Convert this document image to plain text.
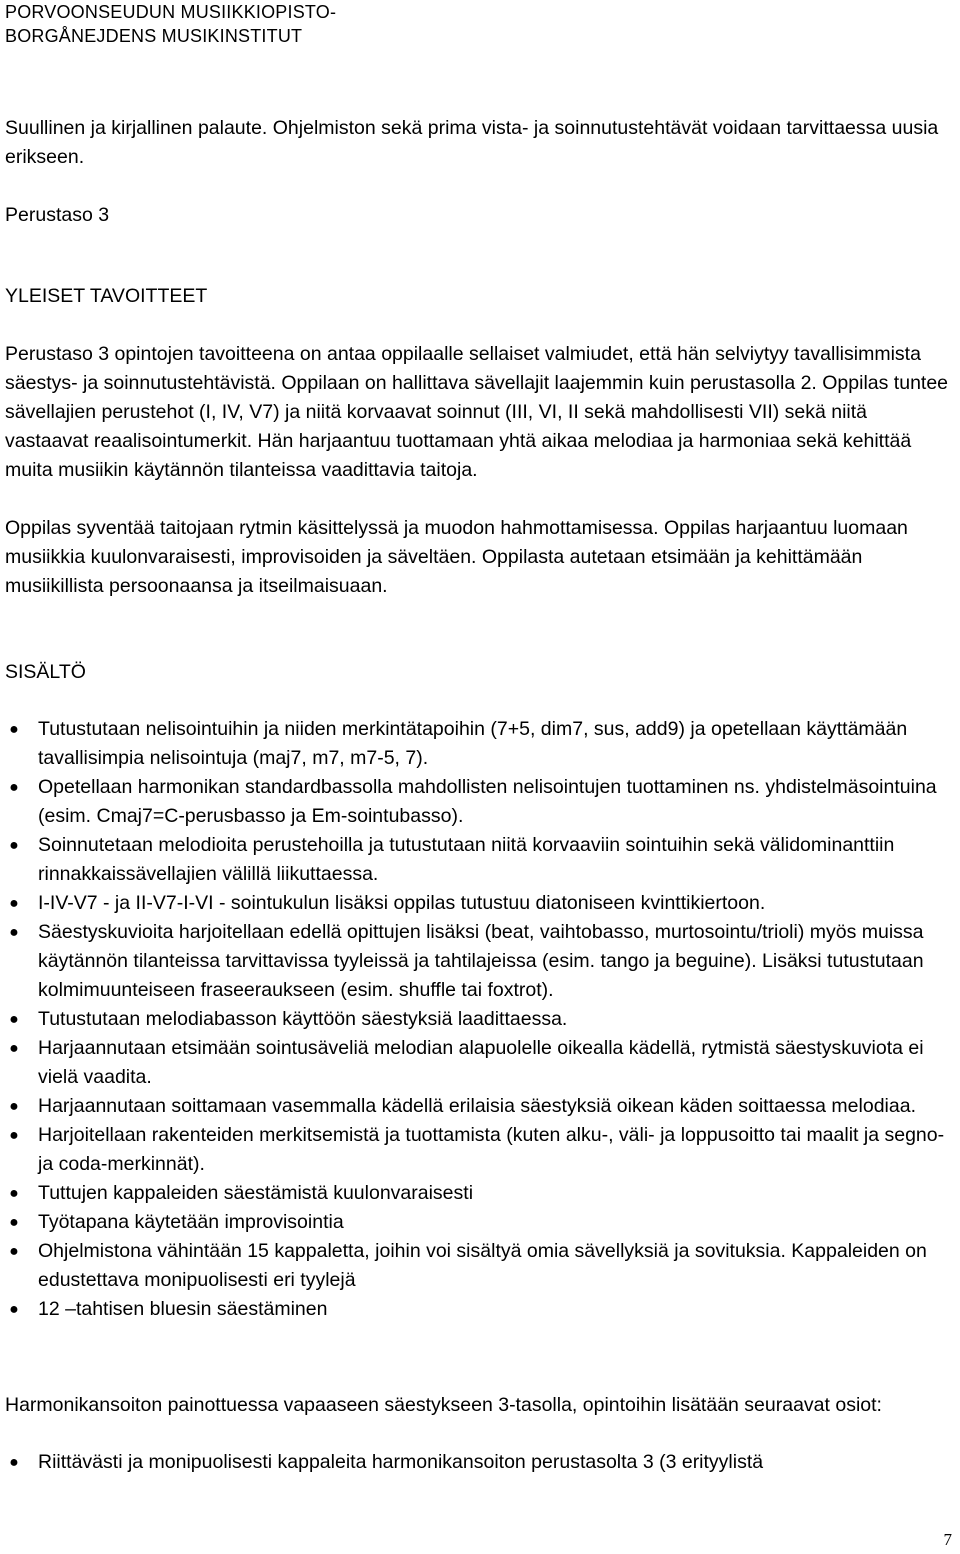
PORVOONSEUDUN MUSIIKKIOPISTO-
BORGÅNEJDENS MUSIKINSTITUT

Suullinen ja kirjallinen palaute. Ohjelmiston sekä prima vista- ja soinnutustehtävät voidaan tarvittaessa uusia erikseen.

Perustaso 3

YLEISET TAVOITTEET

Perustaso 3 opintojen tavoitteena on antaa oppilaalle sellaiset valmiudet, että hän selviytyy tavallisimmista säestys- ja soinnutustehtävistä. Oppilaan on hallittava sävellajit laajemmin kuin perustasolla 2. Oppilas tuntee sävellajien perustehot (I, IV, V7) ja niitä korvaavat soinnut (III, VI, II sekä mahdollisesti VII) sekä niitä vastaavat reaalisointumerkit. Hän harjaantuu tuottamaan yhtä aikaa melodiaa ja harmoniaa sekä kehittää muita musiikin käytännön tilanteissa vaadittavia taitoja.

Oppilas syventää taitojaan rytmin käsittelyssä ja muodon hahmottamisessa. Oppilas harjaantuu luomaan musiikkia kuulonvaraisesti, improvisoiden ja säveltäen. Oppilasta autetaan etsimään ja kehittämään musiikillista persoonaansa ja itseilmaisuaan.

SISÄLTÖ
● Tutustutaan nelisointuihin ja niiden merkintätapoihin (7+5, dim7, sus, add9) ja opetellaan käyttämään tavallisimpia nelisointuja (maj7, m7, m7-5, 7).
● Opetellaan harmonikan standardbassolla mahdollisten nelisointujen tuottaminen ns. yhdistelmäsointuina (esim. Cmaj7=C-perusbasso ja Em-sointubasso).
● Soinnutetaan melodioita perustehoilla ja tutustutaan niitä korvaaviin sointuihin sekä välidominanttiin rinnakkaissävellajien välillä liikuttaessa.
● I-IV-V7 - ja II-V7-I-VI - sointukulun lisäksi oppilas tutustuu diatoniseen kvinttikiertoon.
● Säestyskuvioita harjoitellaan edellä opittujen lisäksi (beat, vaihtobasso, murtosointu/trioli) myös muissa käytännön tilanteissa tarvittavissa tyyleissä ja tahtilajeissa (esim. tango ja beguine). Lisäksi tutustutaan kolmimuunteiseen fraseeraukseen (esim. shuffle tai foxtrot).
● Tutustutaan melodiabasson käyttöön säestyksiä laadittaessa.
● Harjaannutaan etsimään sointusäveliä melodian alapuolelle oikealla kädellä, rytmistä säestyskuviota ei vielä vaadita.
● Harjaannutaan soittamaan vasemmalla kädellä erilaisia säestyksiä oikean käden soittaessa melodiaa.
● Harjoitellaan rakenteiden merkitsemistä ja tuottamista (kuten alku-, väli- ja loppusoitto tai maalit ja segno- ja coda-merkinnät).
● Tuttujen kappaleiden säestämistä kuulonvaraisesti
● Työtapana käytetään improvisointia
● Ohjelmistona vähintään 15 kappaletta, joihin voi sisältyä omia sävellyksiä ja sovituksia. Kappaleiden on edustettava monipuolisesti eri tyylejä
● 12 –tahtisen bluesin säestäminen
Harmonikansoiton painottuessa vapaaseen säestykseen 3-tasolla, opintoihin lisätään seuraavat osiot:
● Riittävästi ja monipuolisesti kappaleita harmonikansoiton perustasolta 3 (3 erityylistä
7
